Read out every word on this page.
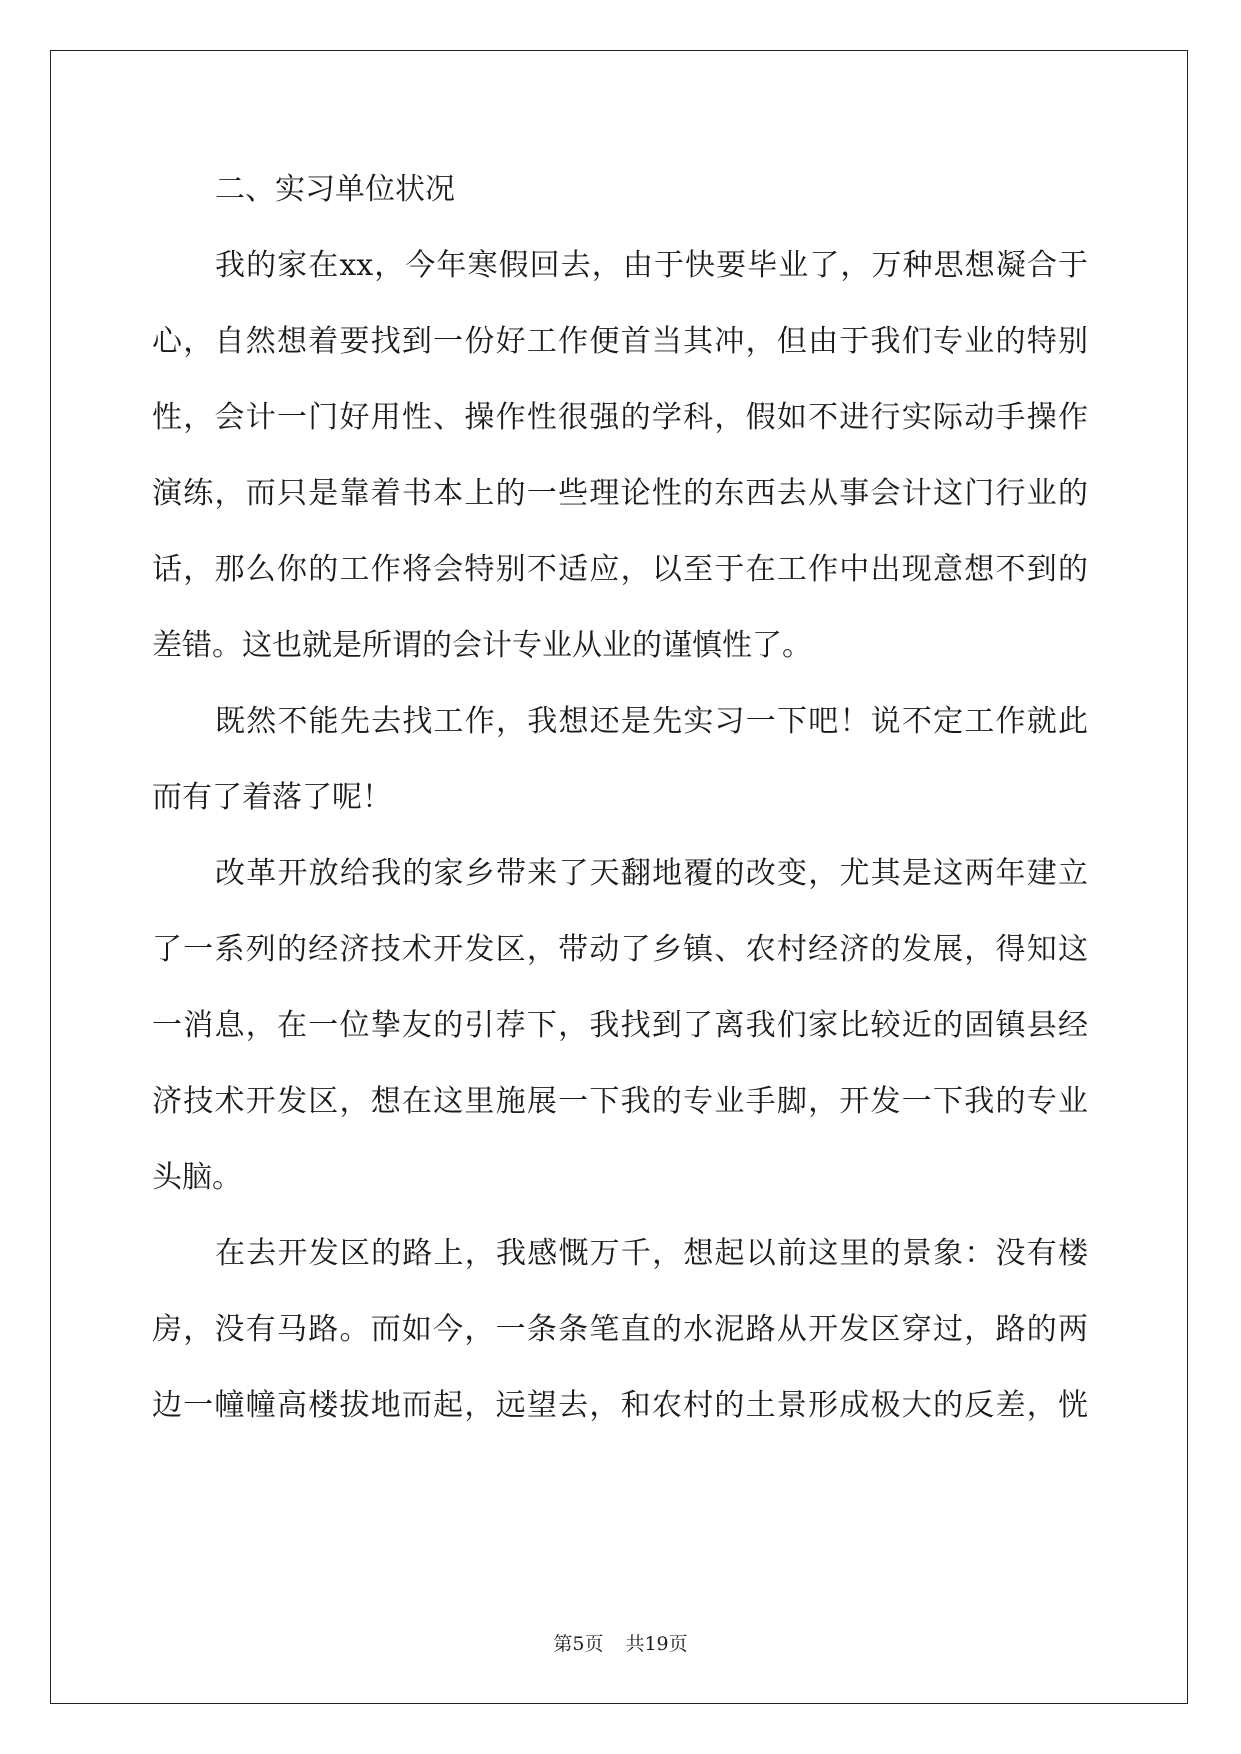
二、实习单位状况
我的家在xx，今年寒假回去，由于快要毕业了，万种思想凝合于
心，自然想着要找到一份好工作便首当其冲，但由于我们专业的特别
性，会计一门好用性、操作性很强的学科，假如不进行实际动手操作
演练，而只是靠着书本上的一些理论性的东西去从事会计这门行业的
话，那么你的工作将会特别不适应，以至于在工作中出现意想不到的
差错。这也就是所谓的会计专业从业的谨慎性了。
既然不能先去找工作，我想还是先实习一下吧！说不定工作就此
而有了着落了呢！
改革开放给我的家乡带来了天翻地覆的改变，尤其是这两年建立
了一系列的经济技术开发区，带动了乡镇、农村经济的发展，得知这
一消息，在一位挚友的引荐下，我找到了离我们家比较近的固镇县经
济技术开发区，想在这里施展一下我的专业手脚，开发一下我的专业
头脑。
在去开发区的路上，我感慨万千，想起以前这里的景象：没有楼
房，没有马路。而如今，一条条笔直的水泥路从开发区穿过，路的两
边一幢幢高楼拔地而起，远望去，和农村的土景形成极大的反差，恍
第5页 共19页
